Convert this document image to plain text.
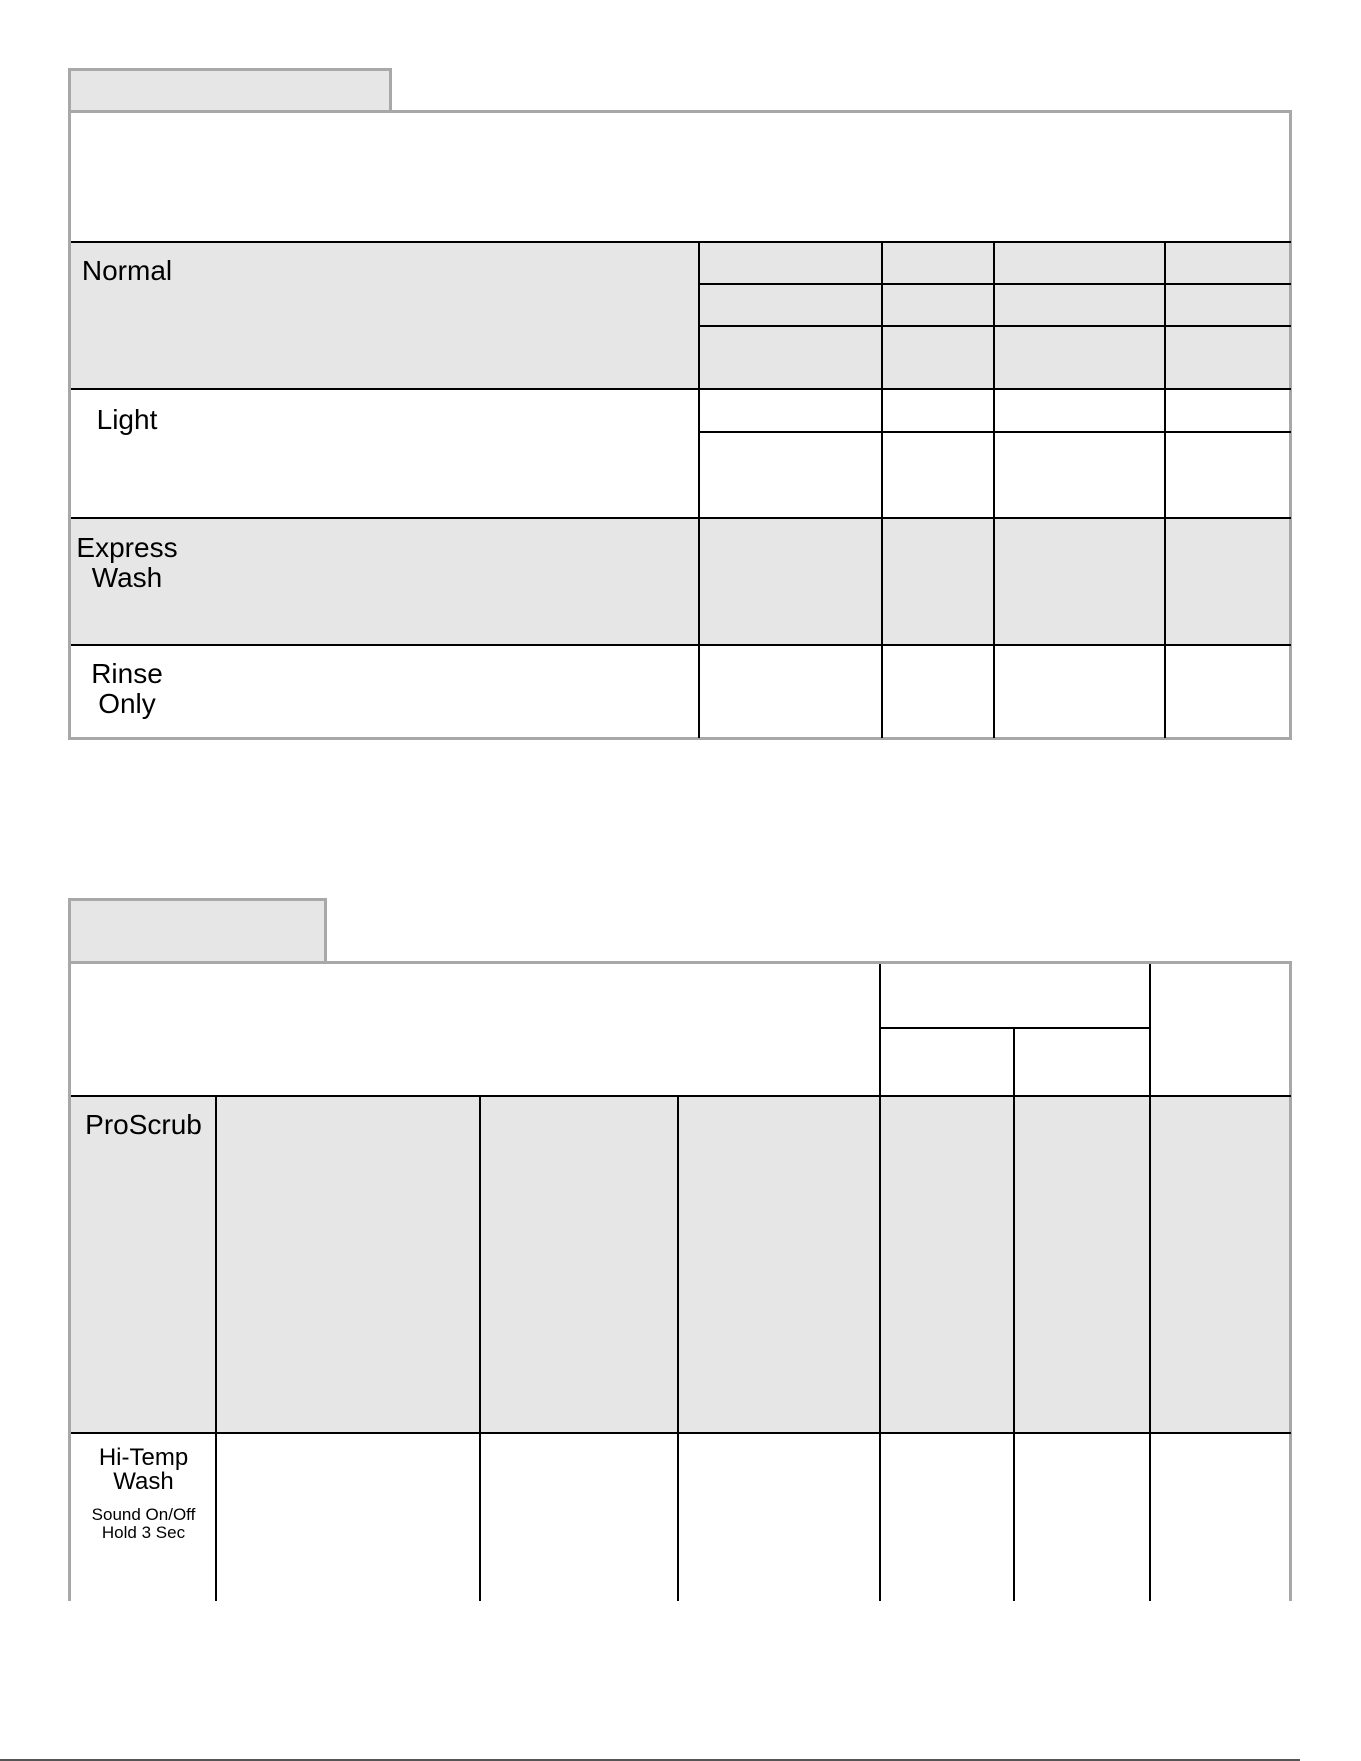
Normal
Light
Express
Wash
Rinse
Only
ProScrub
Hi-Temp
Wash
Sound On/Off
Hold 3 Sec
